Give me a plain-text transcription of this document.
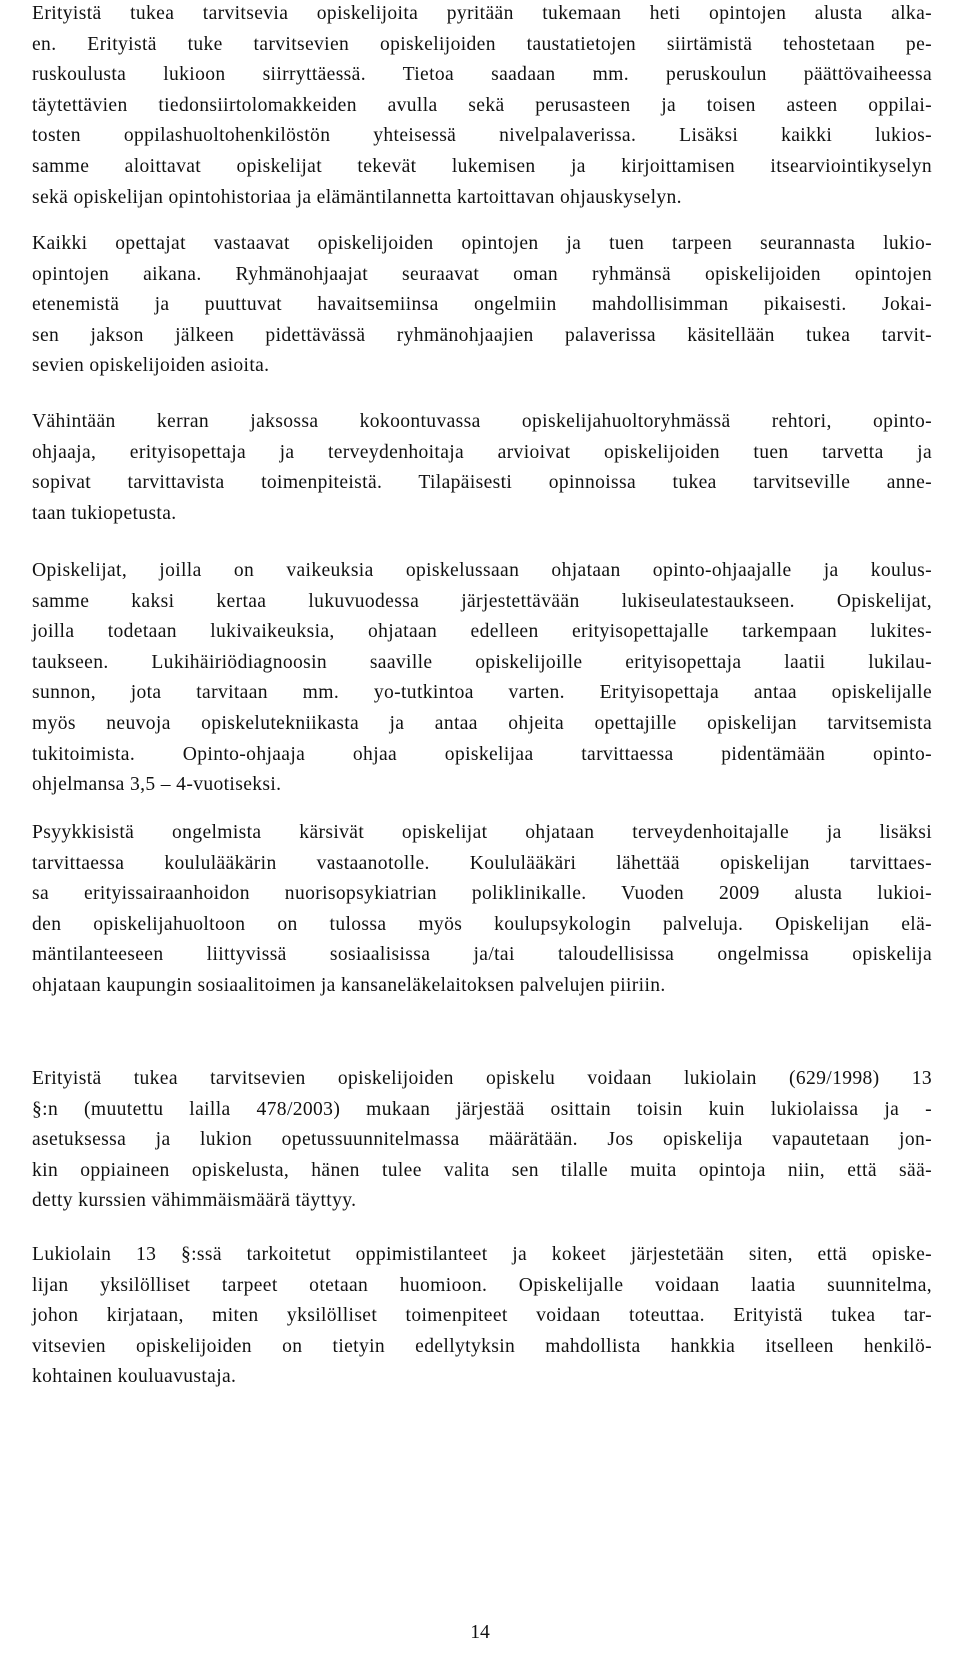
Erityistä tukea tarvitsevia opiskelijoita pyritään tukemaan heti opintojen alusta alka-
en. Erityistä tuke tarvitsevien opiskelijoiden taustatietojen siirtämistä tehostetaan pe-
ruskoulusta lukioon siirryttäessä. Tietoa saadaan mm. peruskoulun päättövaiheessa
täytettävien tiedonsiirtolomakkeiden avulla sekä perusasteen ja toisen asteen oppilai-
tosten oppilashuoltohenkilöstön yhteisessä nivelpalaverissa. Lisäksi kaikki lukios-
samme aloittavat opiskelijat tekevät lukemisen ja kirjoittamisen itsearviointikyselyn
sekä opiskelijan opintohistoriaa ja elämäntilannetta kartoittavan ohjauskyselyn.

Kaikki opettajat vastaavat opiskelijoiden opintojen ja tuen tarpeen seurannasta lukio-
opintojen aikana. Ryhmänohjaajat seuraavat oman ryhmänsä opiskelijoiden opintojen
etenemistä ja puuttuvat havaitsemiinsa ongelmiin mahdollisimman pikaisesti. Jokai-
sen jakson jälkeen pidettävässä ryhmänohjaajien palaverissa käsitellään tukea tarvit-
sevien opiskelijoiden asioita.

Vähintään kerran jaksossa kokoontuvassa opiskelijahuoltoryhmässä rehtori, opinto-
ohjaaja, erityisopettaja ja terveydenhoitaja arvioivat opiskelijoiden tuen tarvetta ja
sopivat tarvittavista toimenpiteistä. Tilapäisesti opinnoissa tukea tarvitseville anne-
taan tukiopetusta.

Opiskelijat, joilla on vaikeuksia opiskelussaan ohjataan opinto-ohjaajalle ja koulus-
samme kaksi kertaa lukuvuodessa järjestettävään lukiseulatestaukseen. Opiskelijat,
joilla todetaan lukivaikeuksia, ohjataan edelleen erityisopettajalle tarkempaan lukites-
taukseen. Lukihäiriödiagnoosin saaville opiskelijoille erityisopettaja laatii lukilau-
sunnon, jota tarvitaan mm. yo-tutkintoa varten. Erityisopettaja antaa opiskelijalle
myös neuvoja opiskelutekniikasta ja antaa ohjeita opettajille opiskelijan tarvitsemista
tukitoimista. Opinto-ohjaaja ohjaa opiskelijaa tarvittaessa pidentämään opinto-
ohjelmansa 3,5 – 4-vuotiseksi.

Psyykkisistä ongelmista kärsivät opiskelijat ohjataan terveydenhoitajalle ja lisäksi
tarvittaessa koululääkärin vastaanotolle. Koululääkäri lähettää opiskelijan tarvittaes-
sa erityissairaanhoidon nuorisopsykiatrian poliklinikalle. Vuoden 2009 alusta lukioi-
den opiskelijahuoltoon on tulossa myös koulupsykologin palveluja. Opiskelijan elä-
mäntilanteeseen liittyvissä sosiaalisissa ja/tai taloudellisissa ongelmissa opiskelija
ohjataan kaupungin sosiaalitoimen ja kansaneläkelaitoksen palvelujen piiriin.

Erityistä tukea tarvitsevien opiskelijoiden opiskelu voidaan lukiolain (629/1998) 13
§:n (muutettu lailla 478/2003) mukaan järjestää osittain toisin kuin lukiolaissa ja -
asetuksessa ja lukion opetussuunnitelmassa määrätään. Jos opiskelija vapautetaan jon-
kin oppiaineen opiskelusta, hänen tulee valita sen tilalle muita opintoja niin, että sää-
detty kurssien vähimmäismäärä täyttyy.

Lukiolain 13 §:ssä tarkoitetut oppimistilanteet ja kokeet järjestetään siten, että opiske-
lijan yksilölliset tarpeet otetaan huomioon. Opiskelijalle voidaan laatia suunnitelma,
johon kirjataan, miten yksilölliset toimenpiteet voidaan toteuttaa. Erityistä tukea tar-
vitsevien opiskelijoiden on tietyin edellytyksin mahdollista hankkia itselleen henkilö-
kohtainen kouluavustaja.

14
